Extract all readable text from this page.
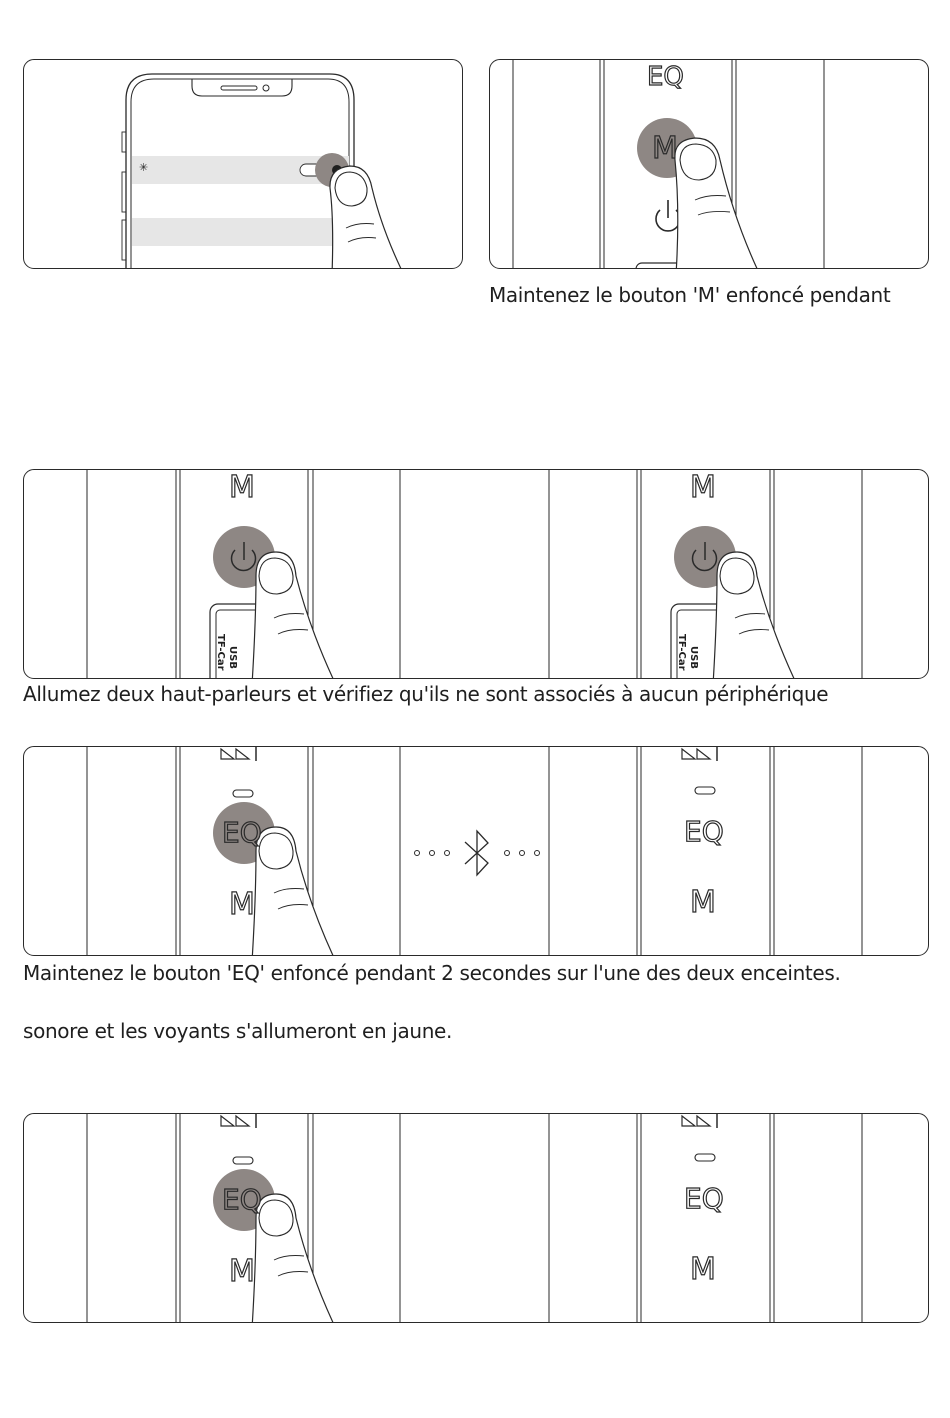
✳
EQ
M
Maintenez le bouton 'M' enfoncé pendant
M	M
USB
TF-Car	USB
TF-Car
Allumez deux haut-parleurs et vérifiez qu'ils ne sont associés à aucun périphérique
EQ
M
EQ
M
Maintenez le bouton 'EQ' enfoncé pendant 2 secondes sur l'une des deux enceintes.
sonore et les voyants s'allumeront en jaune.
EQ
M
EQ
M
